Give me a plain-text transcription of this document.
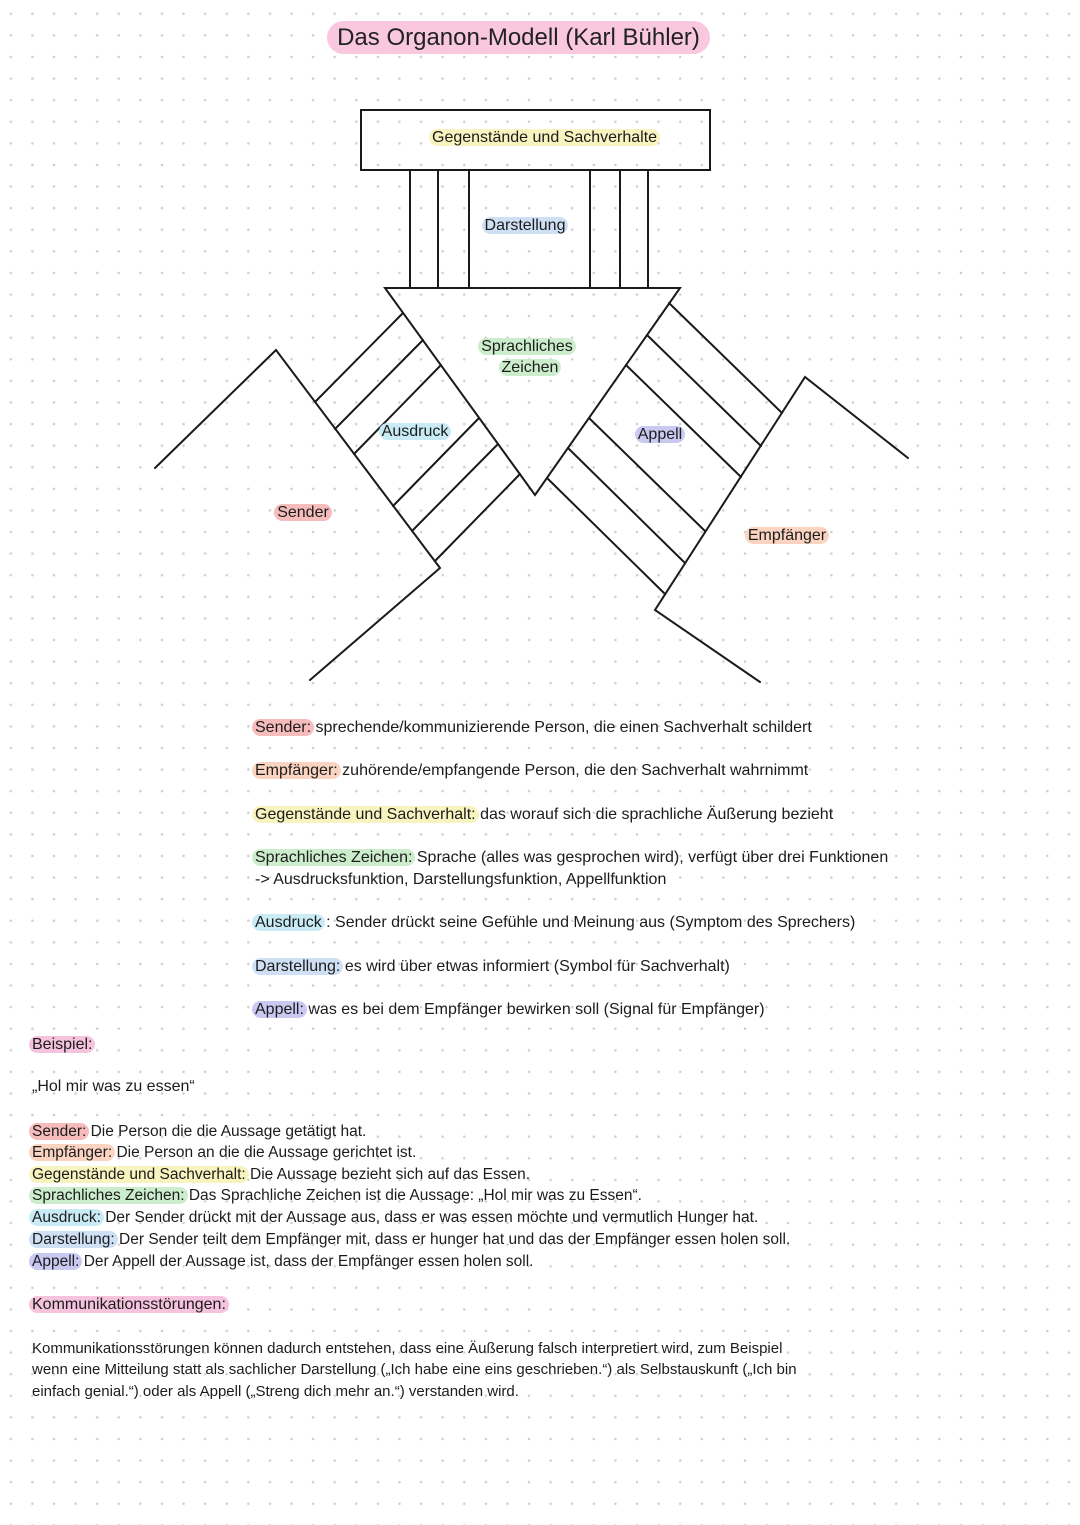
Das Organon-Modell (Karl Bühler)
Gegenstände und Sachverhalte
Darstellung
Sprachliches
Zeichen
Ausdruck	Appell
Sender
Empfänger
Sender: sprechende/kommunizierende Person, die einen Sachverhalt schildert
Empfänger: zuhörende/empfangende Person, die den Sachverhalt wahrnimmt
Gegenstände und Sachverhalt: das worauf sich die sprachliche Äußerung bezieht
Sprachliches Zeichen: Sprache (alles was gesprochen wird), verfügt über drei Funktionen
-> Ausdrucksfunktion, Darstellungsfunktion, Appellfunktion
Ausdruck : Sender drückt seine Gefühle und Meinung aus (Symptom des Sprechers)
Darstellung: es wird über etwas informiert (Symbol für Sachverhalt)
Appell: was es bei dem Empfänger bewirken soll (Signal für Empfänger)
Beispiel:
„Hol mir was zu essen“
Sender: Die Person die die Aussage getätigt hat.
Empfänger: Die Person an die die Aussage gerichtet ist.
Gegenstände und Sachverhalt: Die Aussage bezieht sich auf das Essen.
Sprachliches Zeichen: Das Sprachliche Zeichen ist die Aussage: „Hol mir was zu Essen“.
Ausdruck: Der Sender drückt mit der Aussage aus, dass er was essen möchte und vermutlich Hunger hat.
Darstellung: Der Sender teilt dem Empfänger mit, dass er hunger hat und das der Empfänger essen holen soll.
Appell: Der Appell der Aussage ist, dass der Empfänger essen holen soll.
Kommunikationsstörungen:
Kommunikationsstörungen können dadurch entstehen, dass eine Äußerung falsch interpretiert wird, zum Beispiel
wenn eine Mitteilung statt als sachlicher Darstellung („Ich habe eine eins geschrieben.“) als Selbstauskunft („Ich bin
einfach genial.“) oder als Appell („Streng dich mehr an.“) verstanden wird.
